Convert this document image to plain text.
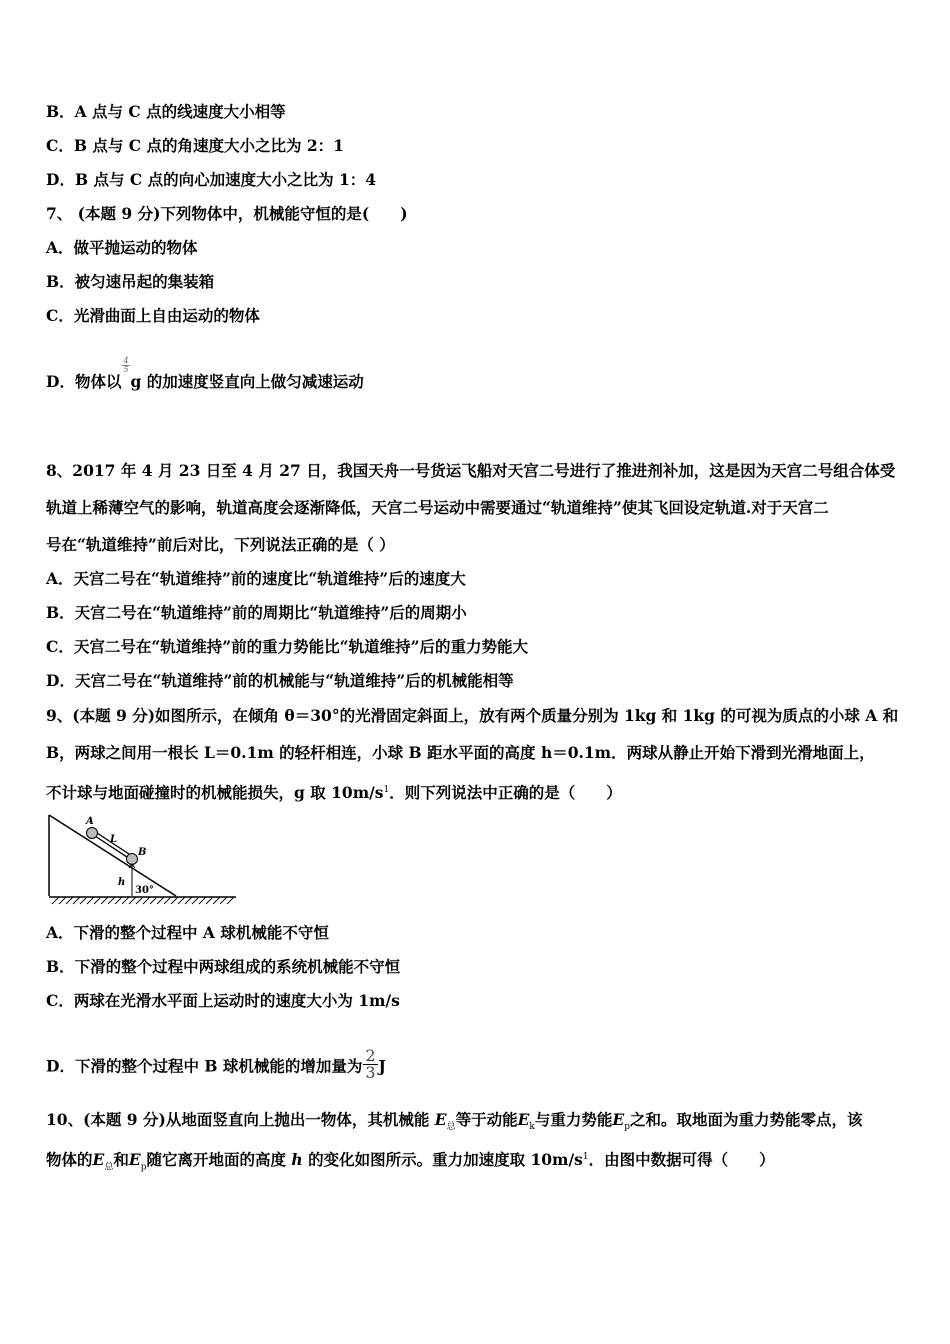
B．A 点与 C 点的线速度大小相等
C．B 点与 C 点的角速度大小之比为 2：1
D．B 点与 C 点的向心加速度大小之比为 1：4
7、 (本题 9 分)下列物体中，机械能守恒的是(　　)
A．做平抛运动的物体
B．被匀速吊起的集装箱
C．光滑曲面上自由运动的物体
D．物体以
$\frac{4}{5}$
g 的加速度竖直向上做匀减速运动
8、2017 年 4 月 23 日至 4 月 27 日，我国天舟一号货运飞船对天宫二号进行了推进剂补加，这是因为天宫二号组合体受
轨道上稀薄空气的影响，轨道高度会逐渐降低，天宫二号运动中需要通过“轨道维持”使其飞回设定轨道.对于天宫二
号在“轨道维持”前后对比，下列说法正确的是（ ）
A．天宫二号在“轨道维持”前的速度比“轨道维持”后的速度大
B．天宫二号在“轨道维持”前的周期比“轨道维持”后的周期小
C．天宫二号在“轨道维持”前的重力势能比“轨道维持”后的重力势能大
D．天宫二号在“轨道维持”前的机械能与“轨道维持”后的机械能相等
9、(本题 9 分)如图所示，在倾角 θ＝30°的光滑固定斜面上，放有两个质量分别为 1kg 和 1kg 的可视为质点的小球 A 和
B，两球之间用一根长 L＝0.1m 的轻杆相连，小球 B 距水平面的高度 h＝0.1m．两球从静止开始下滑到光滑地面上，
不计球与地面碰撞时的机械能损失，g 取 $10m/s^1$．则下列说法中正确的是（　　）
A
L
B
h
30°
A．下滑的整个过程中 A 球机械能不守恒
B．下滑的整个过程中两球组成的系统机械能不守恒
C．两球在光滑水平面上运动时的速度大小为 1m/s
D．下滑的整个过程中 B 球机械能的增加量为 $\frac{2}{3}$ J
10、(本题 9 分)从地面竖直向上抛出一物体，其机械能 $E_总$等于动能$E_k$与重力势能$E_p$之和。取地面为重力势能零点，该
物体的$E_总$和$E_p$随它离开地面的高度 h 的变化如图所示。重力加速度取 $10m/s^1$．由图中数据可得（　　）
